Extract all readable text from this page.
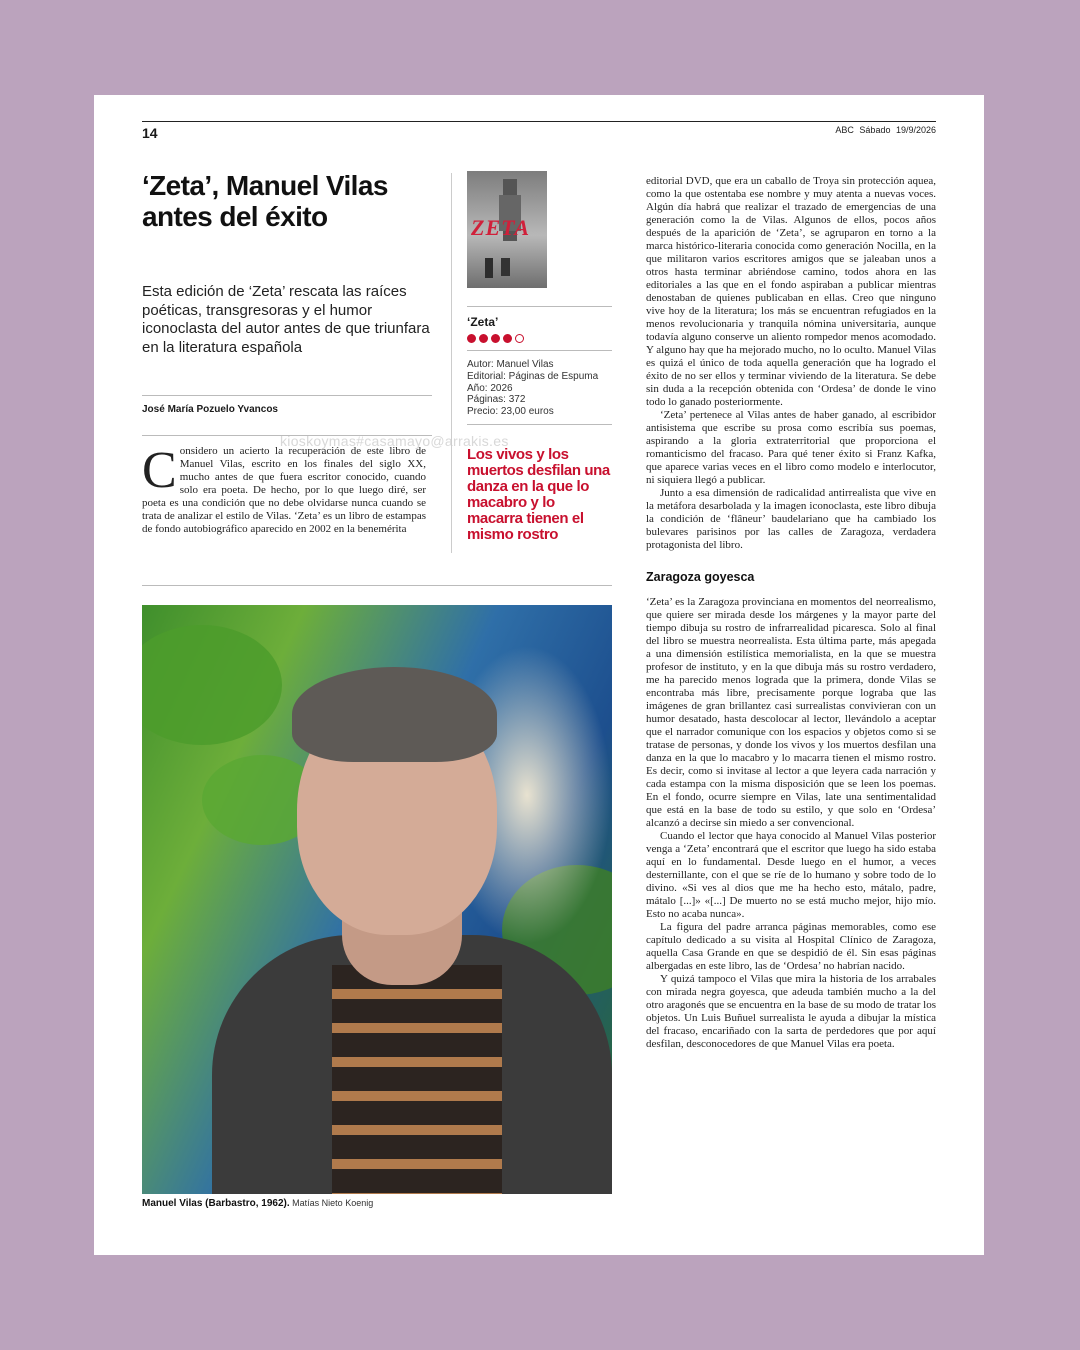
14	ABC Sábado 19/9/2026
‘Zeta’, Manuel Vilas antes del éxito

Esta edición de ‘Zeta’ rescata las raíces poéticas, transgresoras y el humor iconoclasta del autor antes de que triunfara en la literatura española

José María Pozuelo Yvancos
kioskoymas#casamayo@arrakis.es
C onsidero un acierto la recuperación de este libro de Manuel Vilas, escrito en los finales del siglo XX, mucho antes de que fuera escritor conocido, cuando solo era poeta. De hecho, por lo que luego diré, ser poeta es una condición que no debe olvidarse nunca cuando se trata de analizar el estilo de Vilas. ‘Zeta’ es un libro de estampas de fondo autobiográfico aparecido en 2002 en la benemérita
ZETA
‘Zeta’
Autor: Manuel Vilas
Editorial: Páginas de Espuma
Año: 2026
Páginas: 372
Precio: 23,00 euros
Los vivos y los muertos desfilan una danza en la que lo macabro y lo macarra tienen el mismo rostro
Manuel Vilas (Barbastro, 1962). Matías Nieto Koenig

editorial DVD, que era un caballo de Troya sin protección aquea, como la que ostentaba ese nombre y muy atenta a nuevas voces. Algún día habrá que realizar el trazado de emergencias de una generación como la de Vilas. Algunos de ellos, pocos años después de la aparición de ‘Zeta’, se agruparon en torno a la marca histórico-literaria conocida como generación Nocilla, en la que militaron varios escritores amigos que se jaleaban unos a otros hasta terminar abriéndose camino, todos ahora en las editoriales a las que en el fondo aspiraban a publicar mientras denostaban de quienes publicaban en ellas. Creo que ninguno vive hoy de la literatura; los más se encuentran refugiados en la menos revolucionaria y tranquila nómina universitaria, aunque todavía alguno conserve un aliento rompedor menos acomodado. Y alguno hay que ha mejorado mucho, no lo oculto. Manuel Vilas es quizá el único de toda aquella generación que ha logrado el éxito de no ser ellos y terminar viviendo de la literatura. Se debe sin duda a la recepción obtenida con ‘Ordesa’ de donde le vino todo lo ganado posteriormente.

‘Zeta’ pertenece al Vilas antes de haber ganado, al escribidor antisistema que escribe su prosa como escribía sus poemas, aspirando a la gloria extraterritorial que proporciona el romanticismo del fracaso. Para qué tener éxito si Franz Kafka, que aparece varias veces en el libro como modelo e interlocutor, ni siquiera llegó a publicar.

Junto a esa dimensión de radicalidad antirrealista que vive en la metáfora desarbolada y la imagen iconoclasta, este libro dibuja la condición de ‘flâneur’ baudelariano que ha cambiado los bulevares parisinos por las calles de Zaragoza, verdadera protagonista del libro.

Zaragoza goyesca

‘Zeta’ es la Zaragoza provinciana en momentos del neorrealismo, que quiere ser mirada desde los márgenes y la mayor parte del tiempo dibuja su rostro de infrarrealidad picaresca. Solo al final del libro se muestra neorrealista. Esta última parte, más apegada a una dimensión estilística memorialista, en la que se muestra profesor de instituto, y en la que dibuja más su rostro verdadero, me ha parecido menos lograda que la primera, donde Vilas se encontraba más libre, precisamente porque lograba que las imágenes de gran brillantez casi surrealistas convivieran con un humor desatado, hasta descolocar al lector, llevándolo a aceptar que el narrador comunique con los espacios y objetos como si se tratase de personas, y donde los vivos y los muertos desfilan una danza en la que lo macabro y lo macarra tienen el mismo rostro. Es decir, como si invitase al lector a que leyera cada narración y cada estampa con la misma disposición que se leen los poemas. En el fondo, ocurre siempre en Vilas, late una sentimentalidad que está en la base de todo su estilo, y que solo en ‘Ordesa’ alcanzó a decirse sin miedo a ser convencional.

Cuando el lector que haya conocido al Manuel Vilas posterior venga a ‘Zeta’ encontrará que el escritor que luego ha sido estaba aquí en lo fundamental. Desde luego en el humor, a veces desternillante, con el que se ríe de lo humano y sobre todo de lo divino. «Si ves al dios que me ha hecho esto, mátalo, padre, mátalo [...]» «[...] De muerto no se está mucho mejor, hijo mío. Esto no acaba nunca».

La figura del padre arranca páginas memorables, como ese capítulo dedicado a su visita al Hospital Clínico de Zaragoza, aquella Casa Grande en que se despidió de él. Sin esas páginas albergadas en este libro, las de ‘Ordesa’ no habrían nacido.

Y quizá tampoco el Vilas que mira la historia de los arrabales con mirada negra goyesca, que adeuda también mucho a la del otro aragonés que se encuentra en la base de su modo de tratar los objetos. Un Luis Buñuel surrealista le ayuda a dibujar la mística del fracaso, encariñado con la sarta de perdedores que por aquí desfilan, desconocedores de que Manuel Vilas era poeta.
